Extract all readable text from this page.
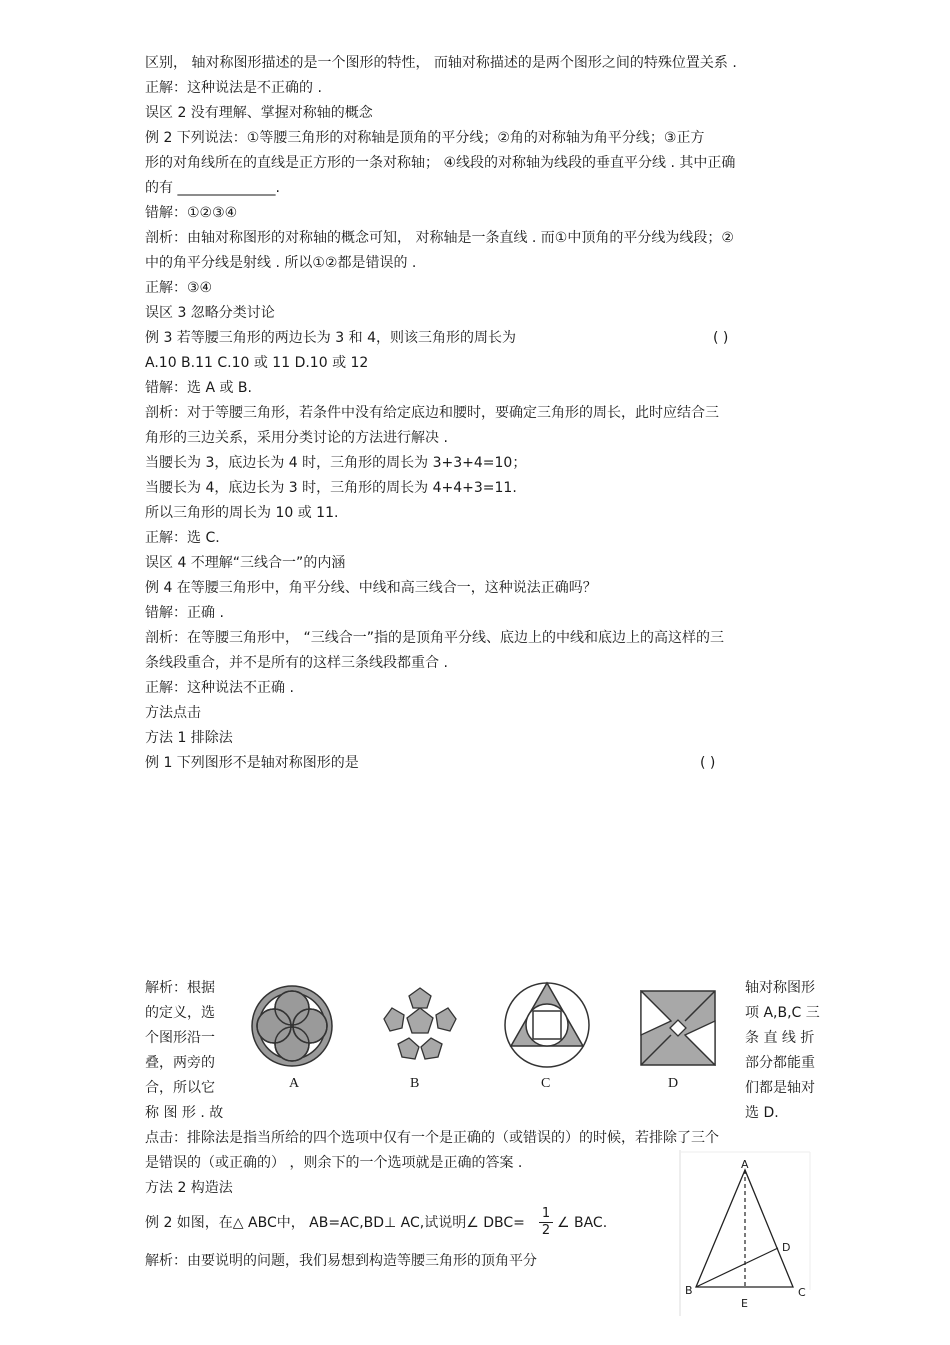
区别， 轴对称图形描述的是一个图形的特性， 而轴对称描述的是两个图形之间的特殊位置关系 .
正解：这种说法是不正确的 .
误区 2 没有理解、掌握对称轴的概念
例 2 下列说法：①等腰三角形的对称轴是顶角的平分线；②角的对称轴为角平分线；③正方
形的对角线所在的直线是正方形的一条对称轴； ④线段的对称轴为线段的垂直平分线 . 其中正确
的有 ______________.
错解：①②③④
剖析：由轴对称图形的对称轴的概念可知， 对称轴是一条直线 . 而①中顶角的平分线为线段；②
中的角平分线是射线 . 所以①②都是错误的 .
正解：③④
误区 3 忽略分类讨论
例 3 若等腰三角形的两边长为 3 和 4，则该三角形的周长为	( )
A.10 B.11 C.10 或 11 D.10 或 12
错解：选 A 或 B.
剖析：对于等腰三角形，若条件中没有给定底边和腰时，要确定三角形的周长，此时应结合三
角形的三边关系，采用分类讨论的方法进行解决 .
当腰长为 3，底边长为 4 时，三角形的周长为 3+3+4=10；
当腰长为 4，底边长为 3 时，三角形的周长为 4+4+3=11.
所以三角形的周长为 10 或 11.
正解：选 C.
误区 4 不理解“三线合一”的内涵
例 4 在等腰三角形中，角平分线、中线和高三线合一，这种说法正确吗？
错解：正确 .
剖析：在等腰三角形中， “三线合一”指的是顶角平分线、底边上的中线和底边上的高这样的三
条线段重合，并不是所有的这样三条线段都重合 .
正解：这种说法不正确 .
方法点击
方法 1 排除法
例 1 下列图形不是轴对称图形的是	( )
解析：根据
的定义，选
个图形沿一
叠，两旁的
合，所以它
称 图 形 . 故
轴对称图形
项 A,B,C 三
条 直 线 折
部分都能重
们都是轴对
选 D.
A	B	C	D
点击：排除法是指当所给的四个选项中仅有一个是正确的（或错误的）的时候，若排除了三个
是错误的（或正确的） ，则余下的一个选项就是正确的答案 .
方法 2 构造法
例 2 如图，在△ ABC中， AB=AC,BD⊥ AC,试说明∠ DBC=
1
2 ∠ BAC.
解析：由要说明的问题，我们易想到构造等腰三角形的顶角平分
A
D
B	C
E
